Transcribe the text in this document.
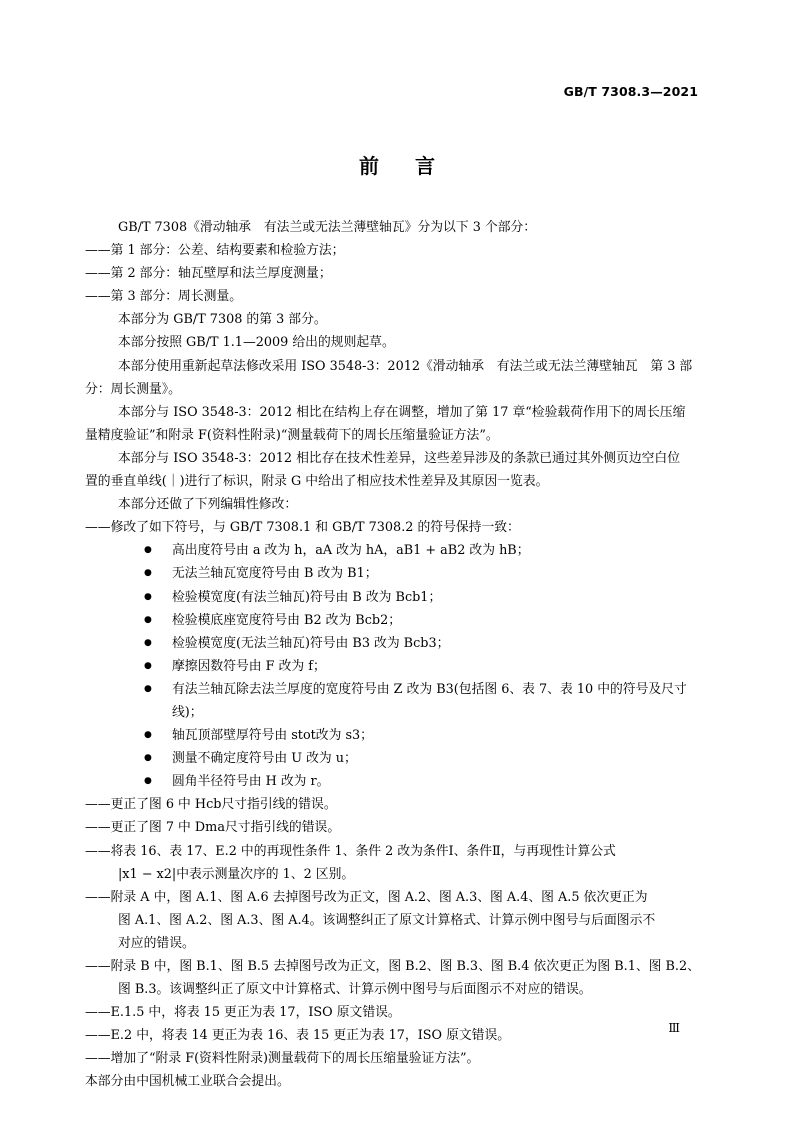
GB/T 7308.3—2021
前 言
GB/T 7308《滑动轴承　有法兰或无法兰薄壁轴瓦》分为以下 3 个部分：
——第 1 部分：公差、结构要素和检验方法；
——第 2 部分：轴瓦壁厚和法兰厚度测量；
——第 3 部分：周长测量。
本部分为 GB/T 7308 的第 3 部分。
本部分按照 GB/T 1.1—2009 给出的规则起草。
本部分使用重新起草法修改采用 ISO 3548-3：2012《滑动轴承　有法兰或无法兰薄壁轴瓦　第 3 部
分：周长测量》。
本部分与 ISO 3548-3：2012 相比在结构上存在调整，增加了第 17 章“检验载荷作用下的周长压缩
量精度验证”和附录 F(资料性附录)“测量载荷下的周长压缩量验证方法”。
本部分与 ISO 3548-3：2012 相比存在技术性差异，这些差异涉及的条款已通过其外侧页边空白位
置的垂直单线(｜)进行了标识，附录 G 中给出了相应技术性差异及其原因一览表。
本部分还做了下列编辑性修改：
——修改了如下符号，与 GB/T 7308.1 和 GB/T 7308.2 的符号保持一致：
● 高出度符号由 a 改为 h，aA 改为 hA，aB1 + aB2 改为 hB；
● 无法兰轴瓦宽度符号由 B 改为 B1；
● 检验模宽度(有法兰轴瓦)符号由 B 改为 Bcb1；
● 检验模底座宽度符号由 B2 改为 Bcb2；
● 检验模宽度(无法兰轴瓦)符号由 B3 改为 Bcb3；
● 摩擦因数符号由 F 改为 f；
● 有法兰轴瓦除去法兰厚度的宽度符号由 Z 改为 B3(包括图 6、表 7、表 10 中的符号及尺寸
线)；
● 轴瓦顶部壁厚符号由 stot改为 s3；
● 测量不确定度符号由 U 改为 u；
● 圆角半径符号由 H 改为 r。
——更正了图 6 中 Hcb尺寸指引线的错误。
——更正了图 7 中 Dma尺寸指引线的错误。
——将表 16、表 17、E.2 中的再现性条件 1、条件 2 改为条件Ⅰ、条件Ⅱ，与再现性计算公式
|x1 − x2|中表示测量次序的 1、2 区别。
——附录 A 中，图 A.1、图 A.6 去掉图号改为正文，图 A.2、图 A.3、图 A.4、图 A.5 依次更正为
图 A.1、图 A.2、图 A.3、图 A.4。该调整纠正了原文计算格式、计算示例中图号与后面图示不
对应的错误。
——附录 B 中，图 B.1、图 B.5 去掉图号改为正文，图 B.2、图 B.3、图 B.4 依次更正为图 B.1、图 B.2、
图 B.3。该调整纠正了原文中计算格式、计算示例中图号与后面图示不对应的错误。
——E.1.5 中，将表 15 更正为表 17，ISO 原文错误。
——E.2 中，将表 14 更正为表 16、表 15 更正为表 17，ISO 原文错误。
——增加了“附录 F(资料性附录)测量载荷下的周长压缩量验证方法”。
本部分由中国机械工业联合会提出。
Ⅲ
